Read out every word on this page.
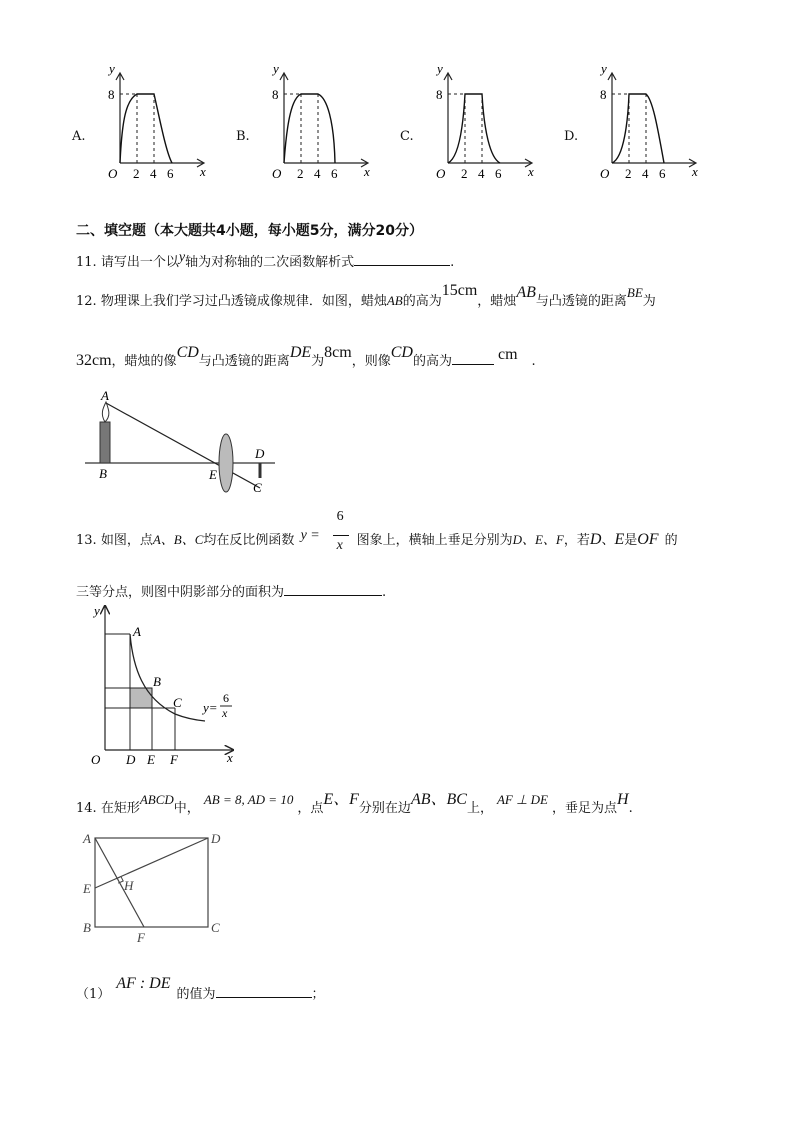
A.	B.	C.	D.
y
x
O
8
2 4 6
y
x
O
8
2 4 6
y
x
O
8
2 4 6
y
x
O
8
2 4 6
二、填空题（本大题共4小题，每小题5分，满分20分）
11. 请写出一个以y轴为对称轴的二次函数解析式	.
12. 物理课上我们学习过凸透镜成像规律．如图，蜡烛AB的高为15cm，蜡烛AB与凸透镜的距离BE为
32cm，蜡烛的像CD与凸透镜的距离DE为8cm，则像CD的高为	cm .
A
B	E
D
C
13. 如图，点A、B、C均在反比例函数 y =
6
x 图象上，横轴上垂足分别为D、E、F，若D、E是OF 的
三等分点，则图中阴影部分的面积为	.
y
x
O D E F
A
B
C y=
6
x
14. 在矩形ABCD中，AB = 8, AD = 10，点E、F分别在边AB、BC上，AF ⊥ DE，垂足为点H.
A	D
E	H
B
F
C
（1）AF : DE的值为	；
